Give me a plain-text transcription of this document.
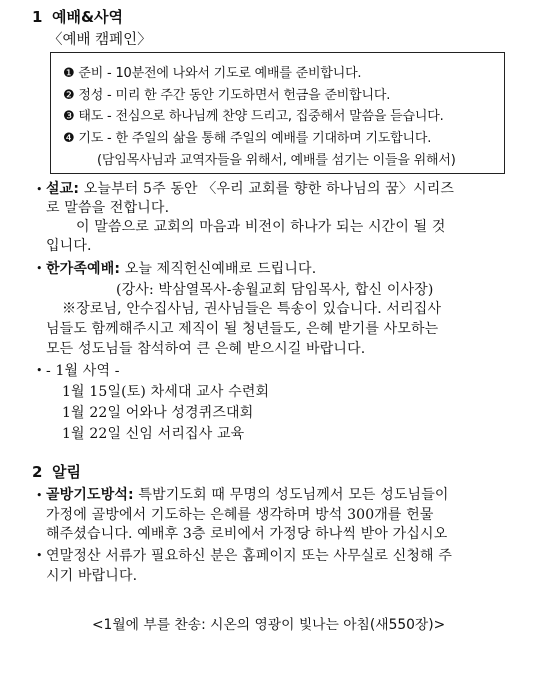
1 예배&사역
〈예배 캠페인〉
❶ 준비 - 10분전에 나와서 기도로 예배를 준비합니다.
❷ 정성 - 미리 한 주간 동안 기도하면서 헌금을 준비합니다.
❸ 태도 - 전심으로 하나님께 찬양 드리고, 집중해서 말씀을 듣습니다.
❹ 기도 - 한 주일의 삶을 통해 주일의 예배를 기대하며 기도합니다.
(담임목사님과 교역자들을 위해서, 예배를 섬기는 이들을 위해서)
• 설교: 오늘부터 5주 동안 〈우리 교회를 향한 하나님의 꿈〉시리즈
로 말씀을 전합니다.
이 말씀으로 교회의 마음과 비전이 하나가 되는 시간이 될 것
입니다.
• 한가족예배: 오늘 제직헌신예배로 드립니다.
(강사: 박삼열목사-송월교회 담임목사, 합신 이사장)
※장로님, 안수집사님, 권사님들은 특송이 있습니다. 서리집사
님들도 함께해주시고 제직이 될 청년들도, 은혜 받기를 사모하는
모든 성도님들 참석하여 큰 은혜 받으시길 바랍니다.
• - 1월 사역 -
1월 15일(토) 차세대 교사 수련회
1월 22일 어와나 성경퀴즈대회
1월 22일 신임 서리집사 교육
2 알림
• 골방기도방석: 특밤기도회 때 무명의 성도님께서 모든 성도님들이
가정에 골방에서 기도하는 은혜를 생각하며 방석 300개를 헌물
해주셨습니다. 예배후 3층 로비에서 가정당 하나씩 받아 가십시오
• 연말정산 서류가 필요하신 분은 홈페이지 또는 사무실로 신청해 주
시기 바랍니다.
<1월에 부를 찬송: 시온의 영광이 빛나는 아침(새550장)>
